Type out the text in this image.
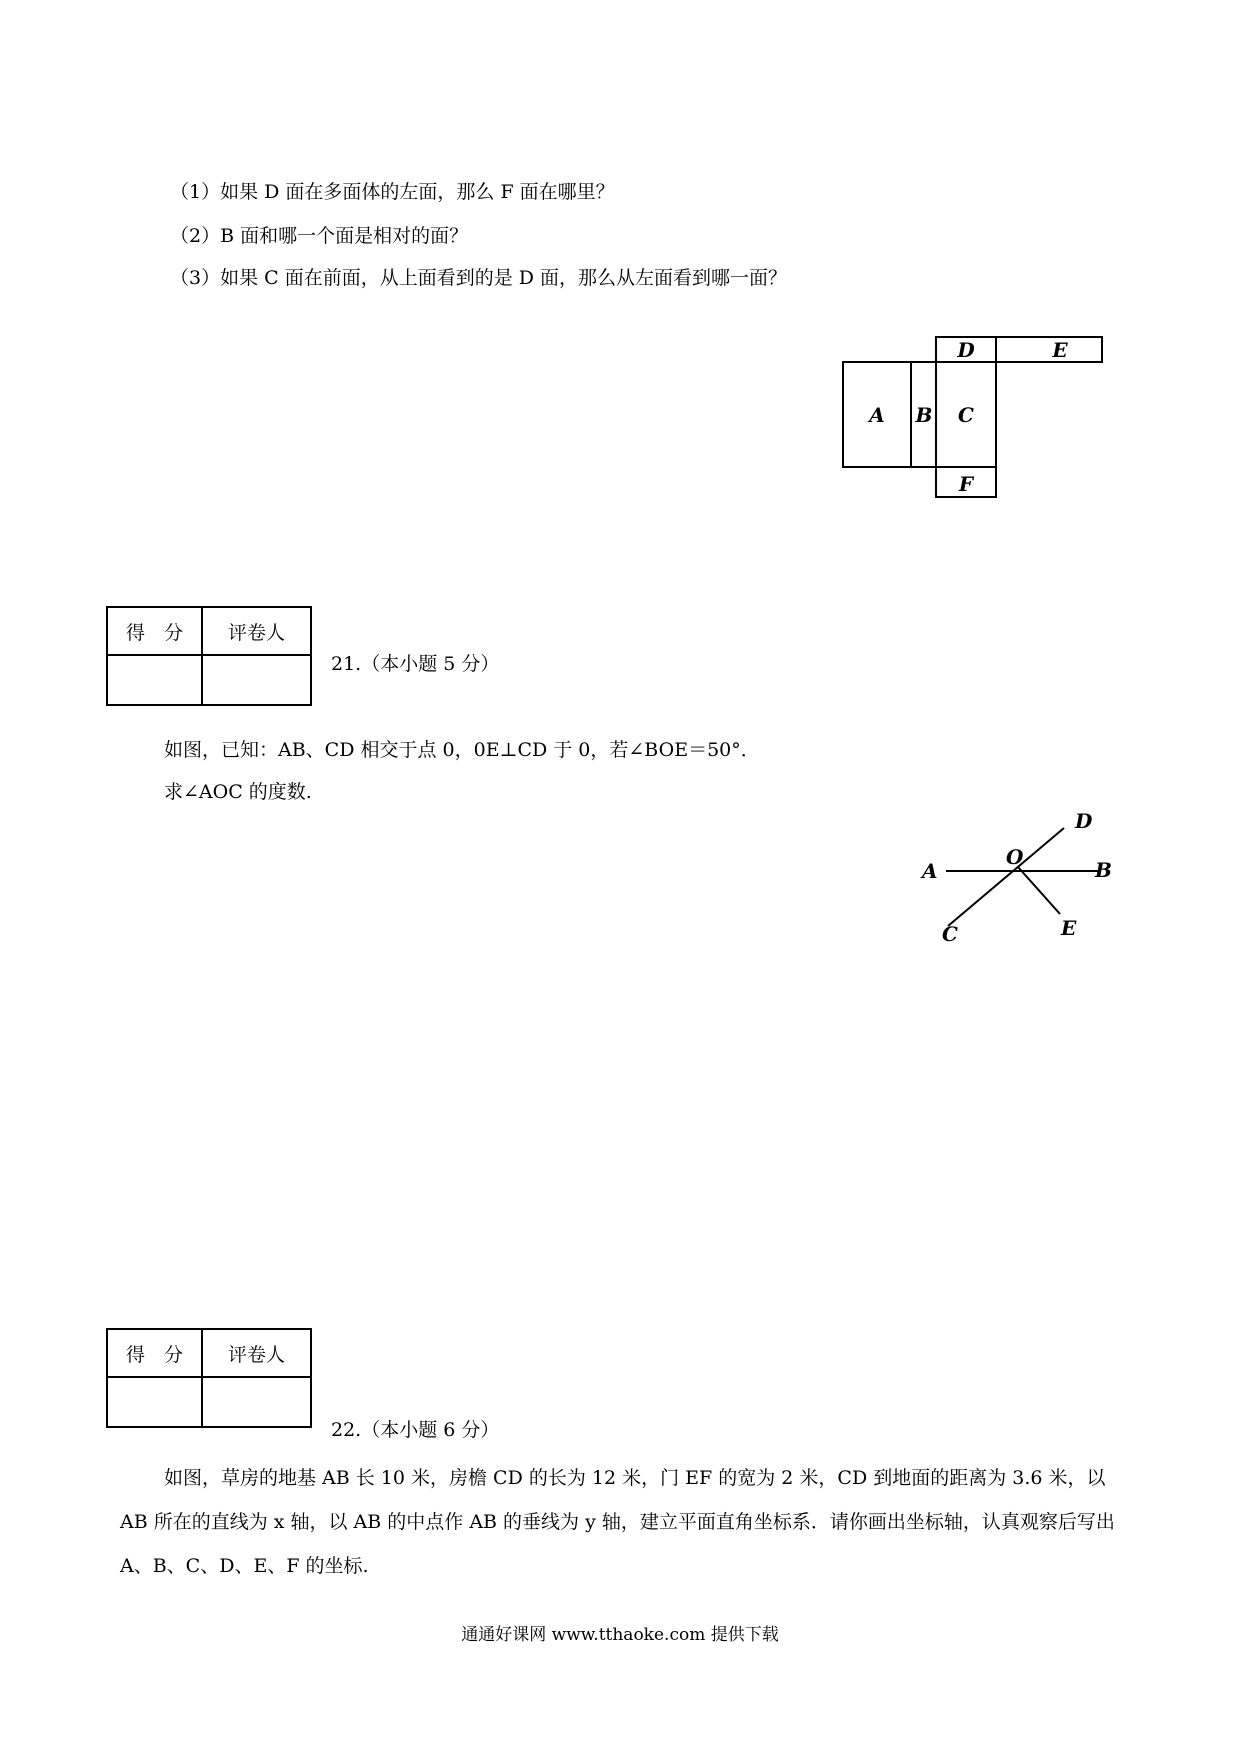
（1）如果 D 面在多面体的左面，那么 F 面在哪里？
（2）B 面和哪一个面是相对的面？
（3）如果 C 面在前面，从上面看到的是 D 面，那么从左面看到哪一面？
D	E
A B C
F
得　分	评卷人

21.（本小题 5 分）
如图，已知：AB、CD 相交于点 0，0E⊥CD 于 0，若∠BOE＝50°．
求∠AOC 的度数.
D
O
A	B
C	E
得　分	评卷人

22.（本小题 6 分）
如图，草房的地基 AB 长 10 米，房檐 CD 的长为 12 米，门 EF 的宽为 2 米，CD 到地面的距离为 3.6 米，以 AB 所在的直线为 x 轴，以 AB 的中点作 AB 的垂线为 y 轴，建立平面直角坐标系．请你画出坐标轴，认真观察后写出 A、B、C、D、E、F 的坐标.
通通好课网 www.tthaoke.com 提供下载
